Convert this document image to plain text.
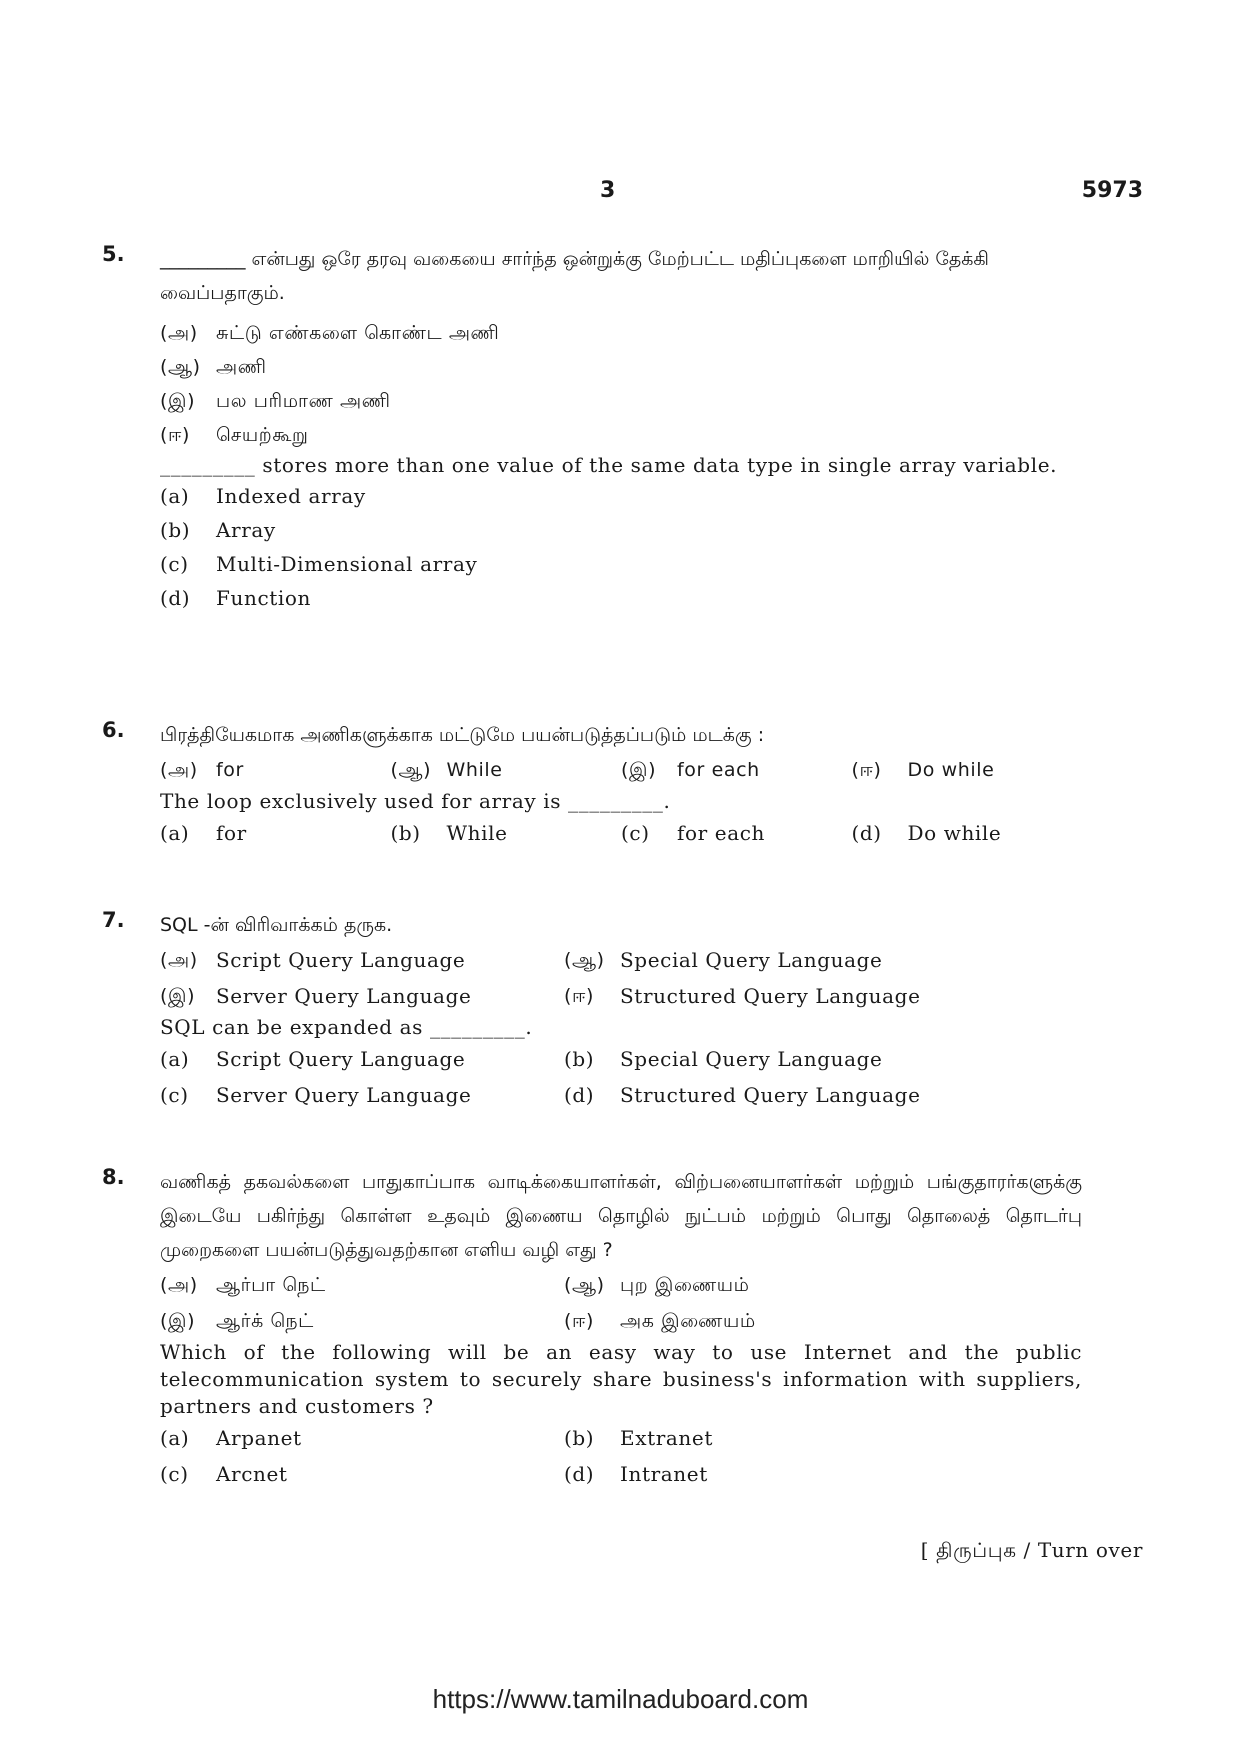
3	5973
5. _________ என்பது ஒரே தரவு வகையை சார்ந்த ஒன்றுக்கு மேற்பட்ட மதிப்புகளை மாறியில் தேக்கி வைப்பதாகும்.
(அ) சுட்டு எண்களை கொண்ட அணி
(ஆ) அணி
(இ)	பல பரிமாண அணி
(ஈ)	செயற்கூறு
_________ stores more than one value of the same data type in single array variable.
(a)	Indexed array
(b)	Array
(c)	Multi-Dimensional array
(d)	Function
6. பிரத்தியேகமாக அணிகளுக்காக மட்டுமே பயன்படுத்தப்படும் மடக்கு :
(அ) for	(ஆ) While	(இ)	for each	(ஈ)	Do while
The loop exclusively used for array is _________.
(a)	for	(b)	While	(c)	for each	(d)	Do while
7. SQL -ன் விரிவாக்கம் தருக.
(அ) Script Query Language	(ஆ) Special Query Language
(இ)	Server Query Language	(ஈ)	Structured Query Language
SQL can be expanded as _________.
(a)	Script Query Language	(b)	Special Query Language
(c)	Server Query Language	(d)	Structured Query Language
8. வணிகத் தகவல்களை பாதுகாப்பாக வாடிக்கையாளர்கள், விற்பனையாளர்கள் மற்றும் பங்குதாரர்களுக்கு இடையே பகிர்ந்து கொள்ள உதவும் இணைய தொழில் நுட்பம் மற்றும் பொது தொலைத் தொடர்பு முறைகளை பயன்படுத்துவதற்கான எளிய வழி எது ?
(அ) ஆர்பா நெட்	(ஆ) புற இணையம்
(இ)	ஆர்க் நெட்	(ஈ)	அக இணையம்
Which of the following will be an easy way to use Internet and the public telecommunication system to securely share business's information with suppliers, partners and customers ?
(a)	Arpanet	(b)	Extranet
(c)	Arcnet	(d)	Intranet
[ திருப்புக / Turn over
https://www.tamilnaduboard.com
